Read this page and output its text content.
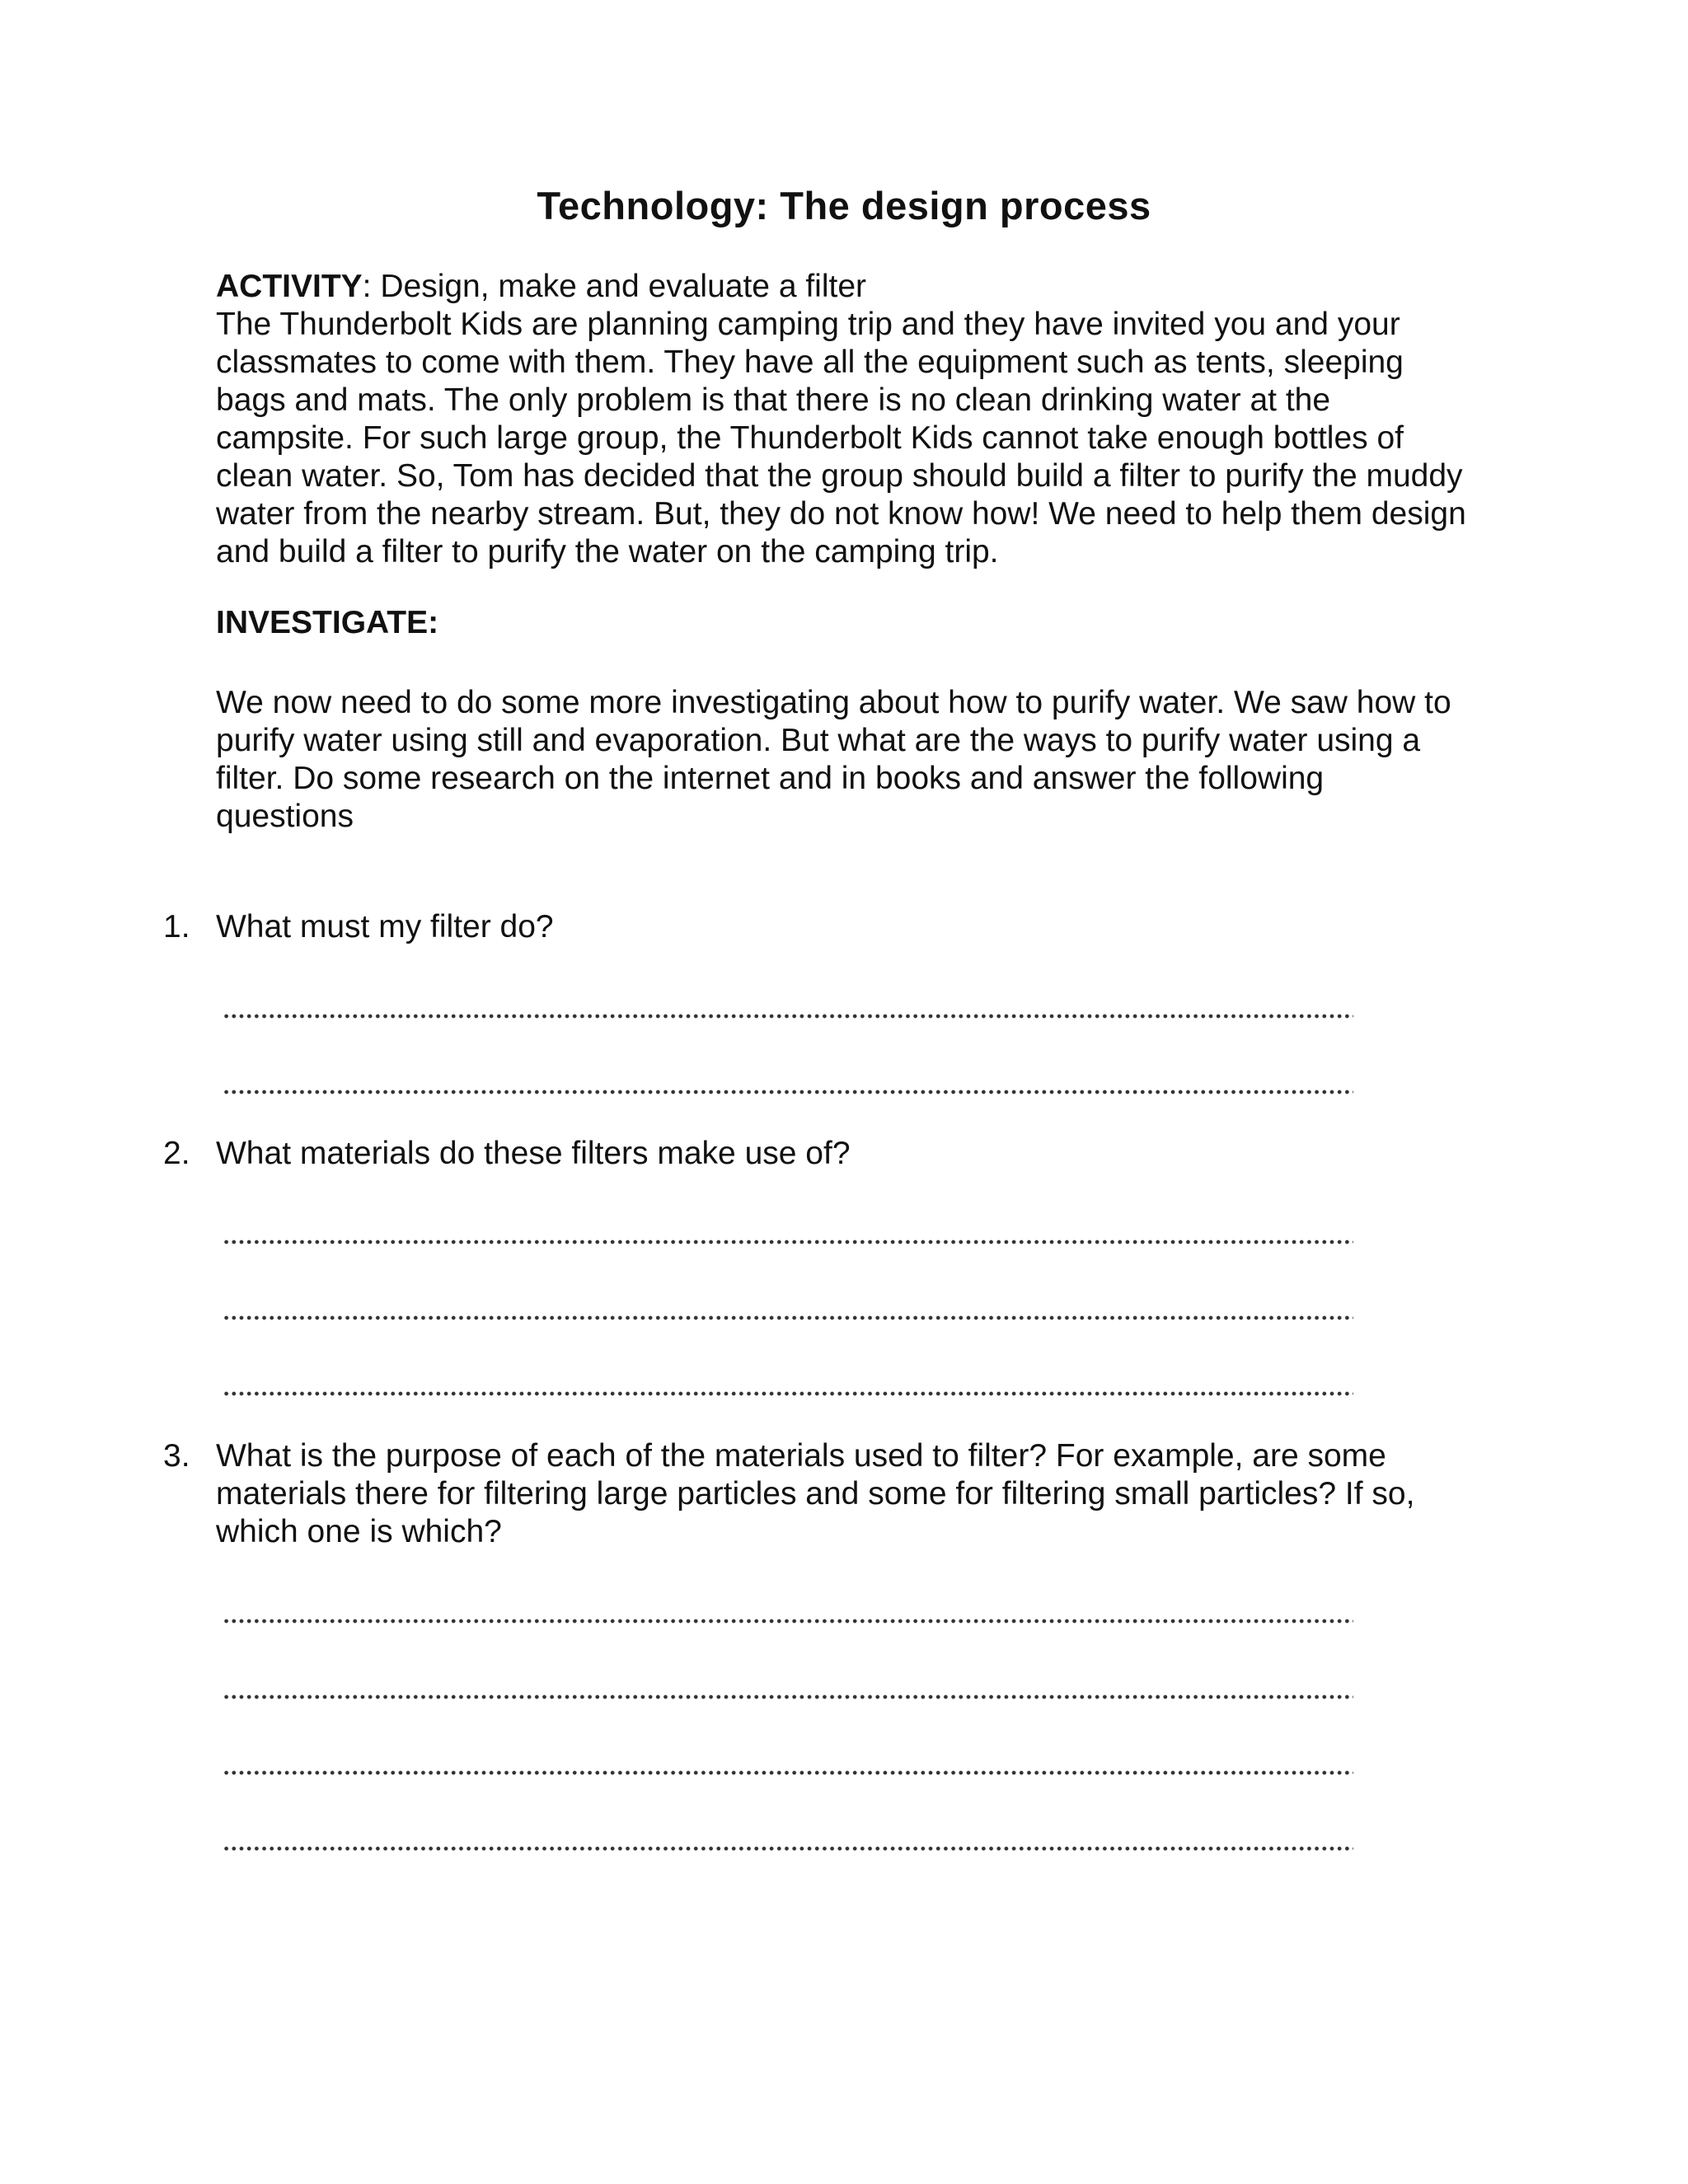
Technology: The design process

ACTIVITY: Design, make and evaluate a filter

The Thunderbolt Kids are planning camping trip and they have invited you and your classmates to come with them. They have all the equipment such as tents, sleeping bags and mats. The only problem is that there is no clean drinking water at the campsite. For such large group, the Thunderbolt Kids cannot take enough bottles of clean water. So, Tom has decided that the group should build a filter to purify the muddy water from the nearby stream. But, they do not know how! We need to help them design and build a filter to purify the water on the camping trip.

INVESTIGATE:

We now need to do some more investigating about how to purify water. We saw how to purify water using still and evaporation. But what are the ways to purify water using a filter. Do some research on the internet and in books and answer the following questions

1. What must my filter do?
2. What materials do these filters make use of?
3. What is the purpose of each of the materials used to filter? For example, are some materials there for filtering large particles and some for filtering small particles? If so, which one is which?
